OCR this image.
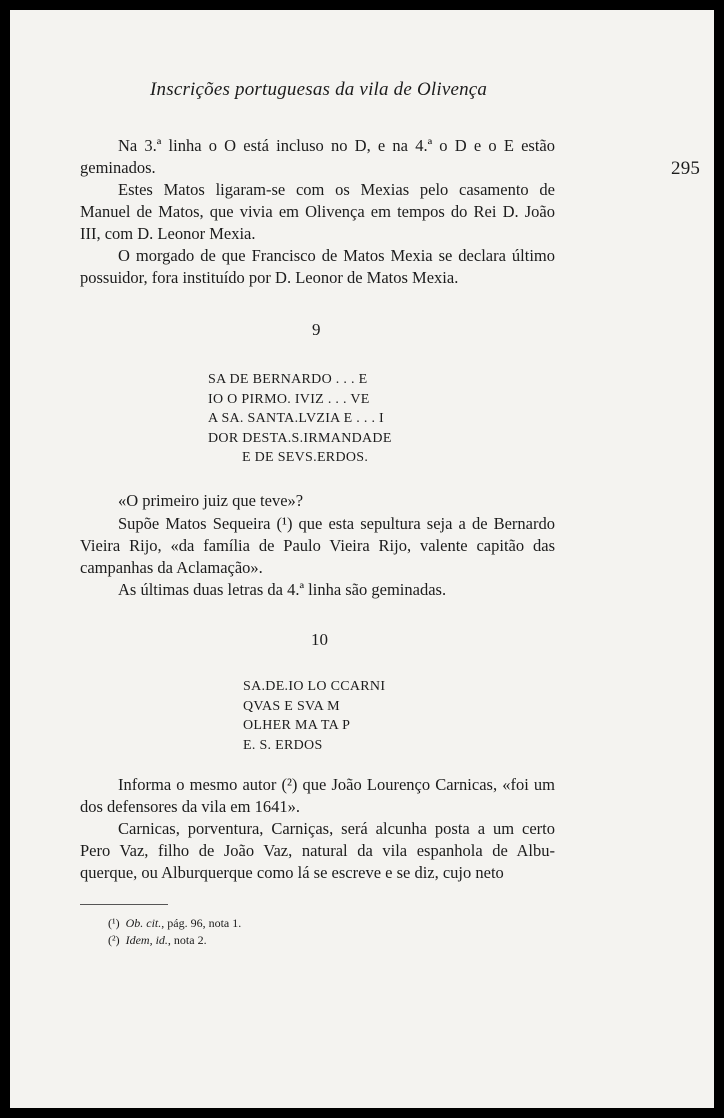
Inscrições portuguesas da vila de Olivença
295
Na 3.ª linha o O está incluso no D, e na 4.ª o D e o E estão geminados.
Estes Matos ligaram-se com os Mexias pelo casamento de Manuel de Matos, que vivia em Olivença em tempos do Rei D. João III, com D. Leonor Mexia.
O morgado de que Francisco de Matos Mexia se declara último possuidor, fora instituído por D. Leonor de Matos Mexia.
9
SA DE BERNARDO . . . E
IO O PIRMO. IVIZ . . . VE
A SA. SANTA.LVZIA E . . . I
DOR DESTA.S.IRMANDADE
E DE SEVS.ERDOS.
«O primeiro juiz que teve»?
Supõe Matos Sequeira (¹) que esta sepultura seja a de Bernardo Vieira Rijo, «da família de Paulo Vieira Rijo, valente capitão das campanhas da Aclamação».
As últimas duas letras da 4.ª linha são geminadas.
10
SA.DE.IO LO CCARNI
QVAS E SVA M
OLHER MA TA P
E. S. ERDOS
Informa o mesmo autor (²) que João Lourenço Carnicas, «foi um dos defensores da vila em 1641».
Carnicas, porventura, Carniças, será alcunha posta a um certo Pero Vaz, filho de João Vaz, natural da vila espanhola de Albu- querque, ou Alburquerque como lá se escreve e se diz, cujo neto
(¹) Ob. cit., pág. 96, nota 1.
(²) Idem, id., nota 2.
